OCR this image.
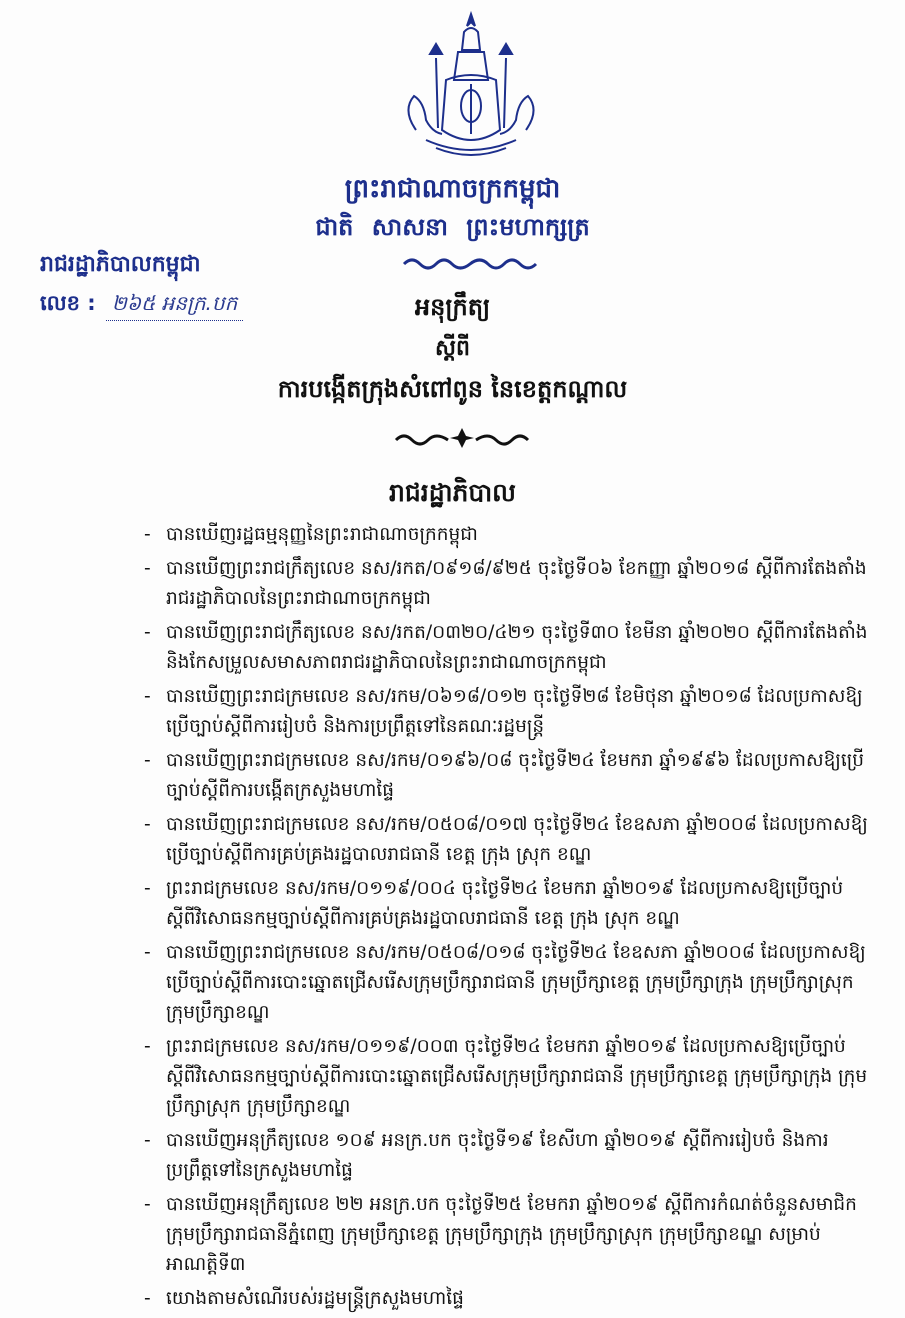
ព្រះរាជាណាចក្រកម្ពុជា
ជាតិ សាសនា ព្រះមហាក្សត្រ
រាជរដ្ឋាភិបាលកម្ពុជា
លេខ : ២៦៥ អនក្រ.បក	អនុក្រឹត្យ
ស្តីពី
ការបង្កើតក្រុងសំពៅពូន នៃខេត្តកណ្តាល
រាជរដ្ឋាភិបាល
- បានឃើញរដ្ឋធម្មនុញ្ញនៃព្រះរាជាណាចក្រកម្ពុជា
- បានឃើញព្រះរាជក្រឹត្យលេខ នស/រកត/០៩១៨/៩២៥ ចុះថ្ងៃទី០៦ ខែកញ្ញា ឆ្នាំ២០១៨ ស្តីពីការតែងតាំងរាជរដ្ឋាភិបាលនៃព្រះរាជាណាចក្រកម្ពុជា
- បានឃើញព្រះរាជក្រឹត្យលេខ នស/រកត/០៣២០/៤២១ ចុះថ្ងៃទី៣០ ខែមីនា ឆ្នាំ២០២០ ស្តីពីការតែងតាំង និងកែសម្រួលសមាសភាពរាជរដ្ឋាភិបាលនៃព្រះរាជាណាចក្រកម្ពុជា
- បានឃើញព្រះរាជក្រមលេខ នស/រកម/០៦១៨/០១២ ចុះថ្ងៃទី២៨ ខែមិថុនា ឆ្នាំ២០១៨ ដែលប្រកាសឱ្យប្រើច្បាប់ស្តីពីការរៀបចំ និងការប្រព្រឹត្តទៅនៃគណៈរដ្ឋមន្ត្រី
- បានឃើញព្រះរាជក្រមលេខ នស/រកម/០១៩៦/០៨ ចុះថ្ងៃទី២៤ ខែមករា ឆ្នាំ១៩៩៦ ដែលប្រកាសឱ្យប្រើច្បាប់ស្តីពីការបង្កើតក្រសួងមហាផ្ទៃ
- បានឃើញព្រះរាជក្រមលេខ នស/រកម/០៥០៨/០១៧ ចុះថ្ងៃទី២៤ ខែឧសភា ឆ្នាំ២០០៨ ដែលប្រកាសឱ្យប្រើច្បាប់ស្តីពីការគ្រប់គ្រងរដ្ឋបាលរាជធានី ខេត្ត ក្រុង ស្រុក ខណ្ឌ
- ព្រះរាជក្រមលេខ នស/រកម/០១១៩/០០៤ ចុះថ្ងៃទី២៤ ខែមករា ឆ្នាំ២០១៩ ដែលប្រកាសឱ្យប្រើច្បាប់ស្តីពីវិសោធនកម្មច្បាប់ស្តីពីការគ្រប់គ្រងរដ្ឋបាលរាជធានី ខេត្ត ក្រុង ស្រុក ខណ្ឌ
- បានឃើញព្រះរាជក្រមលេខ នស/រកម/០៥០៨/០១៨ ចុះថ្ងៃទី២៤ ខែឧសភា ឆ្នាំ២០០៨ ដែលប្រកាសឱ្យប្រើច្បាប់ស្តីពីការបោះឆ្នោតជ្រើសរើសក្រុមប្រឹក្សារាជធានី ក្រុមប្រឹក្សាខេត្ត ក្រុមប្រឹក្សាក្រុង ក្រុមប្រឹក្សាស្រុក ក្រុមប្រឹក្សាខណ្ឌ
- ព្រះរាជក្រមលេខ នស/រកម/០១១៩/០០៣ ចុះថ្ងៃទី២៤ ខែមករា ឆ្នាំ២០១៩ ដែលប្រកាសឱ្យប្រើច្បាប់ស្តីពីវិសោធនកម្មច្បាប់ស្តីពីការបោះឆ្នោតជ្រើសរើសក្រុមប្រឹក្សារាជធានី ក្រុមប្រឹក្សាខេត្ត ក្រុមប្រឹក្សាក្រុង ក្រុមប្រឹក្សាស្រុក ក្រុមប្រឹក្សាខណ្ឌ
- បានឃើញអនុក្រឹត្យលេខ ១០៩ អនក្រ.បក ចុះថ្ងៃទី១៩ ខែសីហា ឆ្នាំ២០១៩ ស្តីពីការរៀបចំ និងការប្រព្រឹត្តទៅនៃក្រសួងមហាផ្ទៃ
- បានឃើញអនុក្រឹត្យលេខ ២២ អនក្រ.បក ចុះថ្ងៃទី២៥ ខែមករា ឆ្នាំ២០១៩ ស្តីពីការកំណត់ចំនួនសមាជិកក្រុមប្រឹក្សារាជធានីភ្នំពេញ ក្រុមប្រឹក្សាខេត្ត ក្រុមប្រឹក្សាក្រុង ក្រុមប្រឹក្សាស្រុក ក្រុមប្រឹក្សាខណ្ឌ សម្រាប់អាណត្តិទី៣
- យោងតាមសំណើរបស់រដ្ឋមន្ត្រីក្រសួងមហាផ្ទៃ
